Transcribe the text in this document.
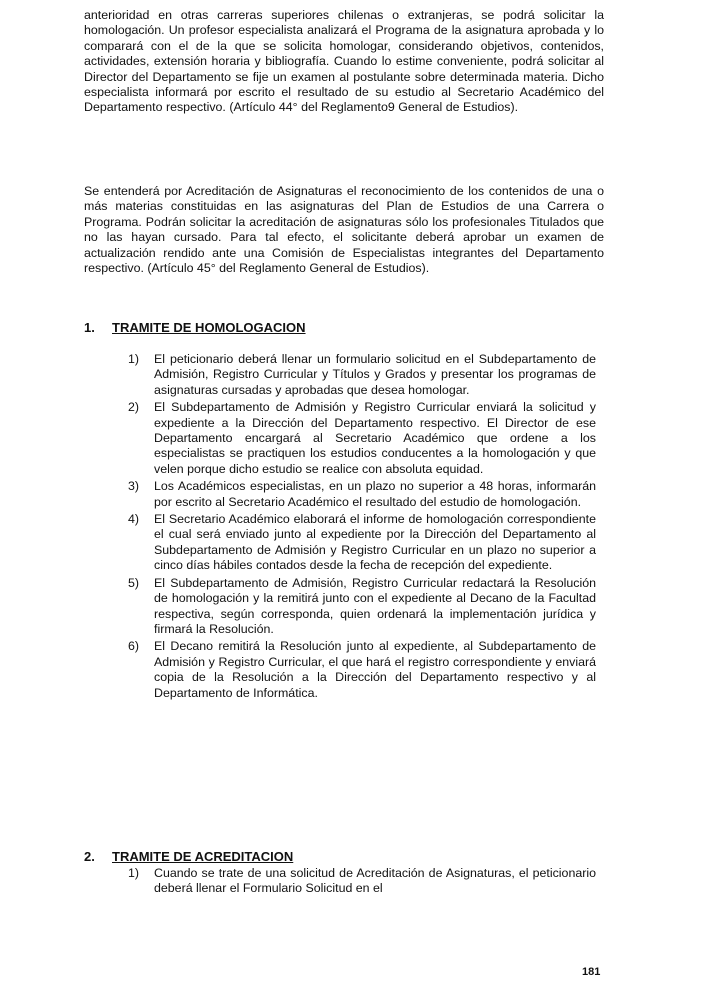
anterioridad en otras carreras superiores chilenas o extranjeras, se podrá solicitar la homologación. Un profesor especialista analizará el Programa de la asignatura aprobada y lo comparará con el de la que se solicita homologar, considerando objetivos, contenidos, actividades, extensión horaria y bibliografía. Cuando lo estime conveniente, podrá solicitar al Director del Departamento se fije un examen al postulante sobre determinada materia. Dicho especialista informará por escrito el resultado de su estudio al Secretario Académico del Departamento respectivo. (Artículo 44° del Reglamento9 General de Estudios).

Se entenderá por Acreditación de Asignaturas el reconocimiento de los contenidos de una o más materias constituidas en las asignaturas del Plan de Estudios de una Carrera o Programa. Podrán solicitar la acreditación de asignaturas sólo los profesionales Titulados que no las hayan cursado. Para tal efecto, el solicitante deberá aprobar un examen de actualización rendido ante una Comisión de Especialistas integrantes del Departamento respectivo. (Artículo 45° del Reglamento General de Estudios).

1. TRAMITE DE HOMOLOGACION
1) El peticionario deberá llenar un formulario solicitud en el Subdepartamento de Admisión, Registro Curricular y Títulos y Grados y presentar los programas de asignaturas cursadas y aprobadas que desea homologar.
2) El Subdepartamento de Admisión y Registro Curricular enviará la solicitud y expediente a la Dirección del Departamento respectivo. El Director de ese Departamento encargará al Secretario Académico que ordene a los especialistas se practiquen los estudios conducentes a la homologación y que velen porque dicho estudio se realice con absoluta equidad.
3) Los Académicos especialistas, en un plazo no superior a 48 horas, informarán por escrito al Secretario Académico el resultado del estudio de homologación.
4) El Secretario Académico elaborará el informe de homologación correspondiente el cual será enviado junto al expediente por la Dirección del Departamento al Subdepartamento de Admisión y Registro Curricular en un plazo no superior a cinco días hábiles contados desde la fecha de recepción del expediente.
5) El Subdepartamento de Admisión, Registro Curricular redactará la Resolución de homologación y la remitirá junto con el expediente al Decano de la Facultad respectiva, según corresponda, quien ordenará la implementación jurídica y firmará la Resolución.
6) El Decano remitirá la Resolución junto al expediente, al Subdepartamento de Admisión y Registro Curricular, el que hará el registro correspondiente y enviará copia de la Resolución a la Dirección del Departamento respectivo y al Departamento de Informática.
2. TRAMITE DE ACREDITACION
1) Cuando se trate de una solicitud de Acreditación de Asignaturas, el peticionario deberá llenar el Formulario Solicitud en el

181
